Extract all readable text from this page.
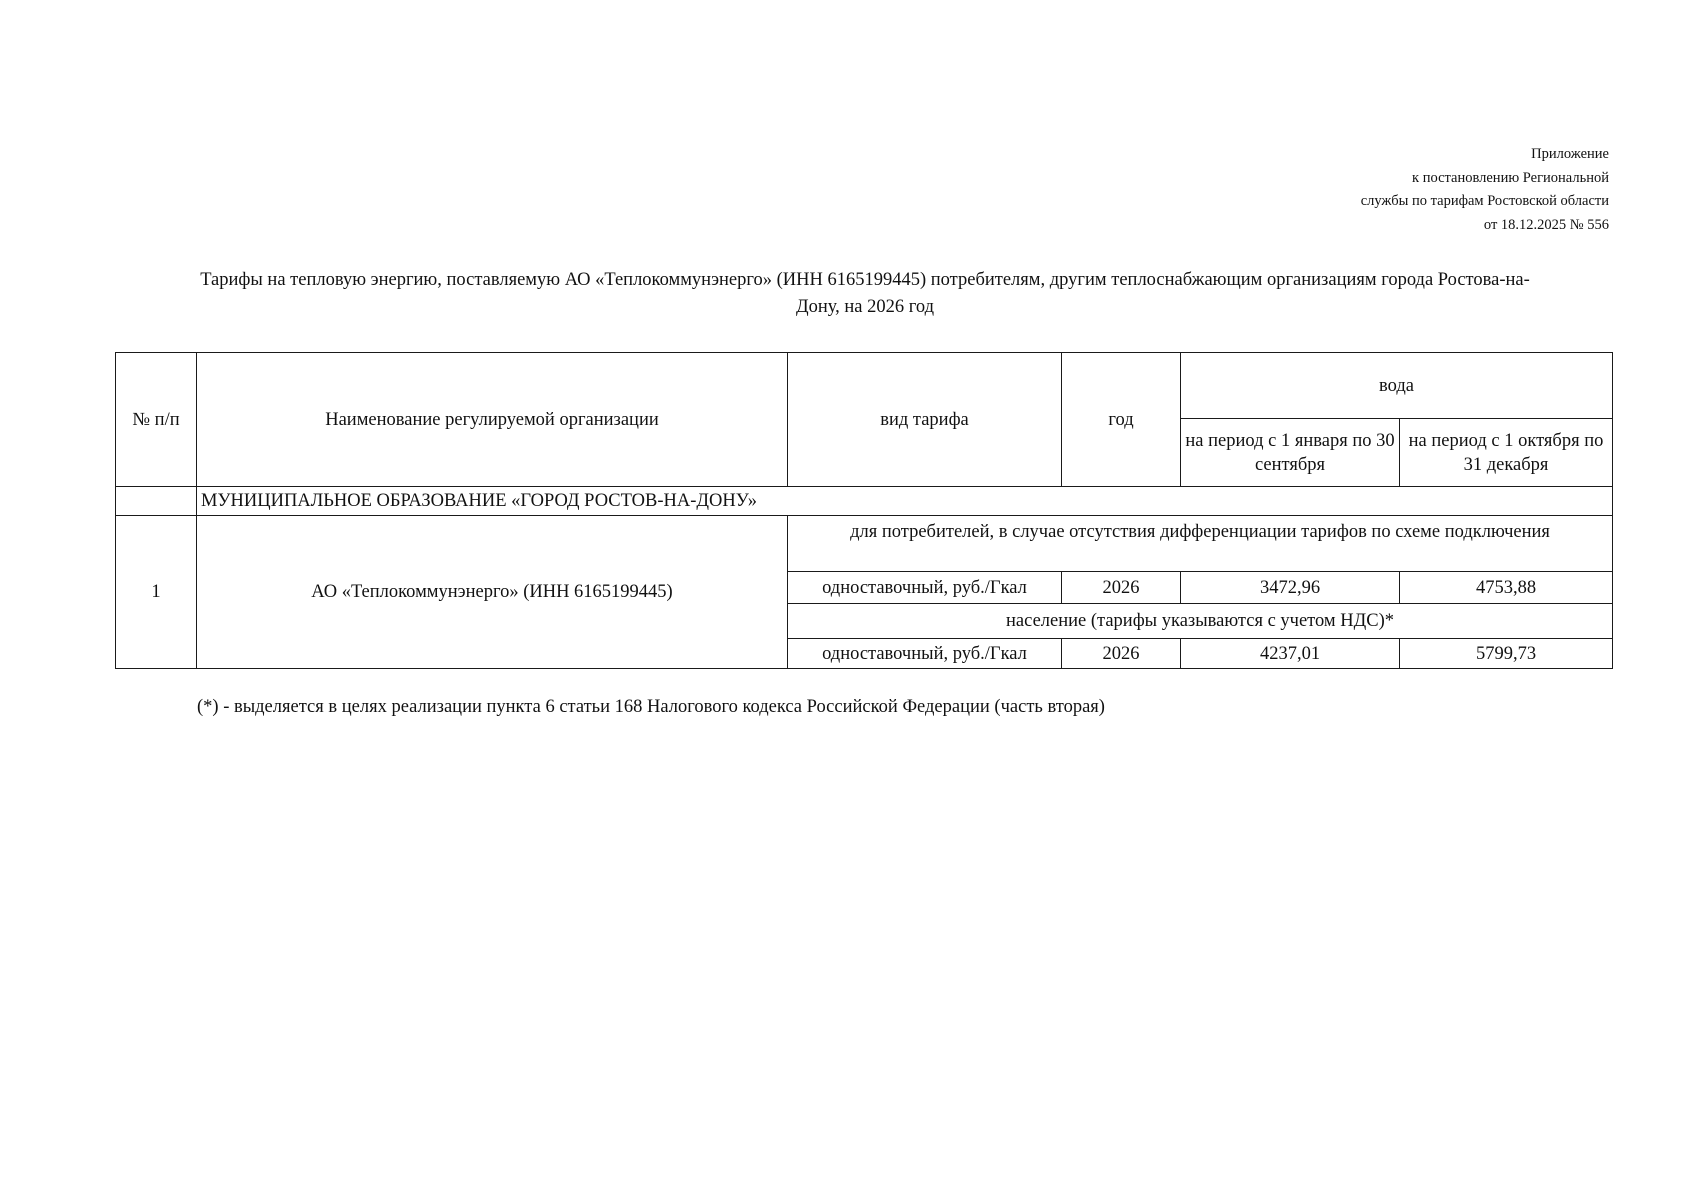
Приложение
к постановлению Региональной
службы по тарифам Ростовской области
от 18.12.2025 № 556
Тарифы на тепловую энергию, поставляемую АО «Теплокоммунэнерго» (ИНН 6165199445) потребителям, другим теплоснабжающим организациям города Ростова-на-
Дону, на 2026 год
№ п/п	Наименование регулируемой организации	вид тарифа	год	вода	
				на период с 1 января по 30 сентября	на период с 1 октября по 31 декабря
	МУНИЦИПАЛЬНОЕ ОБРАЗОВАНИЕ «ГОРОД РОСТОВ-НА-ДОНУ»				
1	АО «Теплокоммунэнерго» (ИНН 6165199445)	для потребителей, в случае отсутствия дифференциации тарифов по схеме подключения			
		одноставочный, руб./Гкал	2026	3472,96	4753,88
		население (тарифы указываются с учетом НДС)*			
		одноставочный, руб./Гкал	2026	4237,01	5799,73
(*) - выделяется в целях реализации пункта 6 статьи 168 Налогового кодекса Российской Федерации (часть вторая)
